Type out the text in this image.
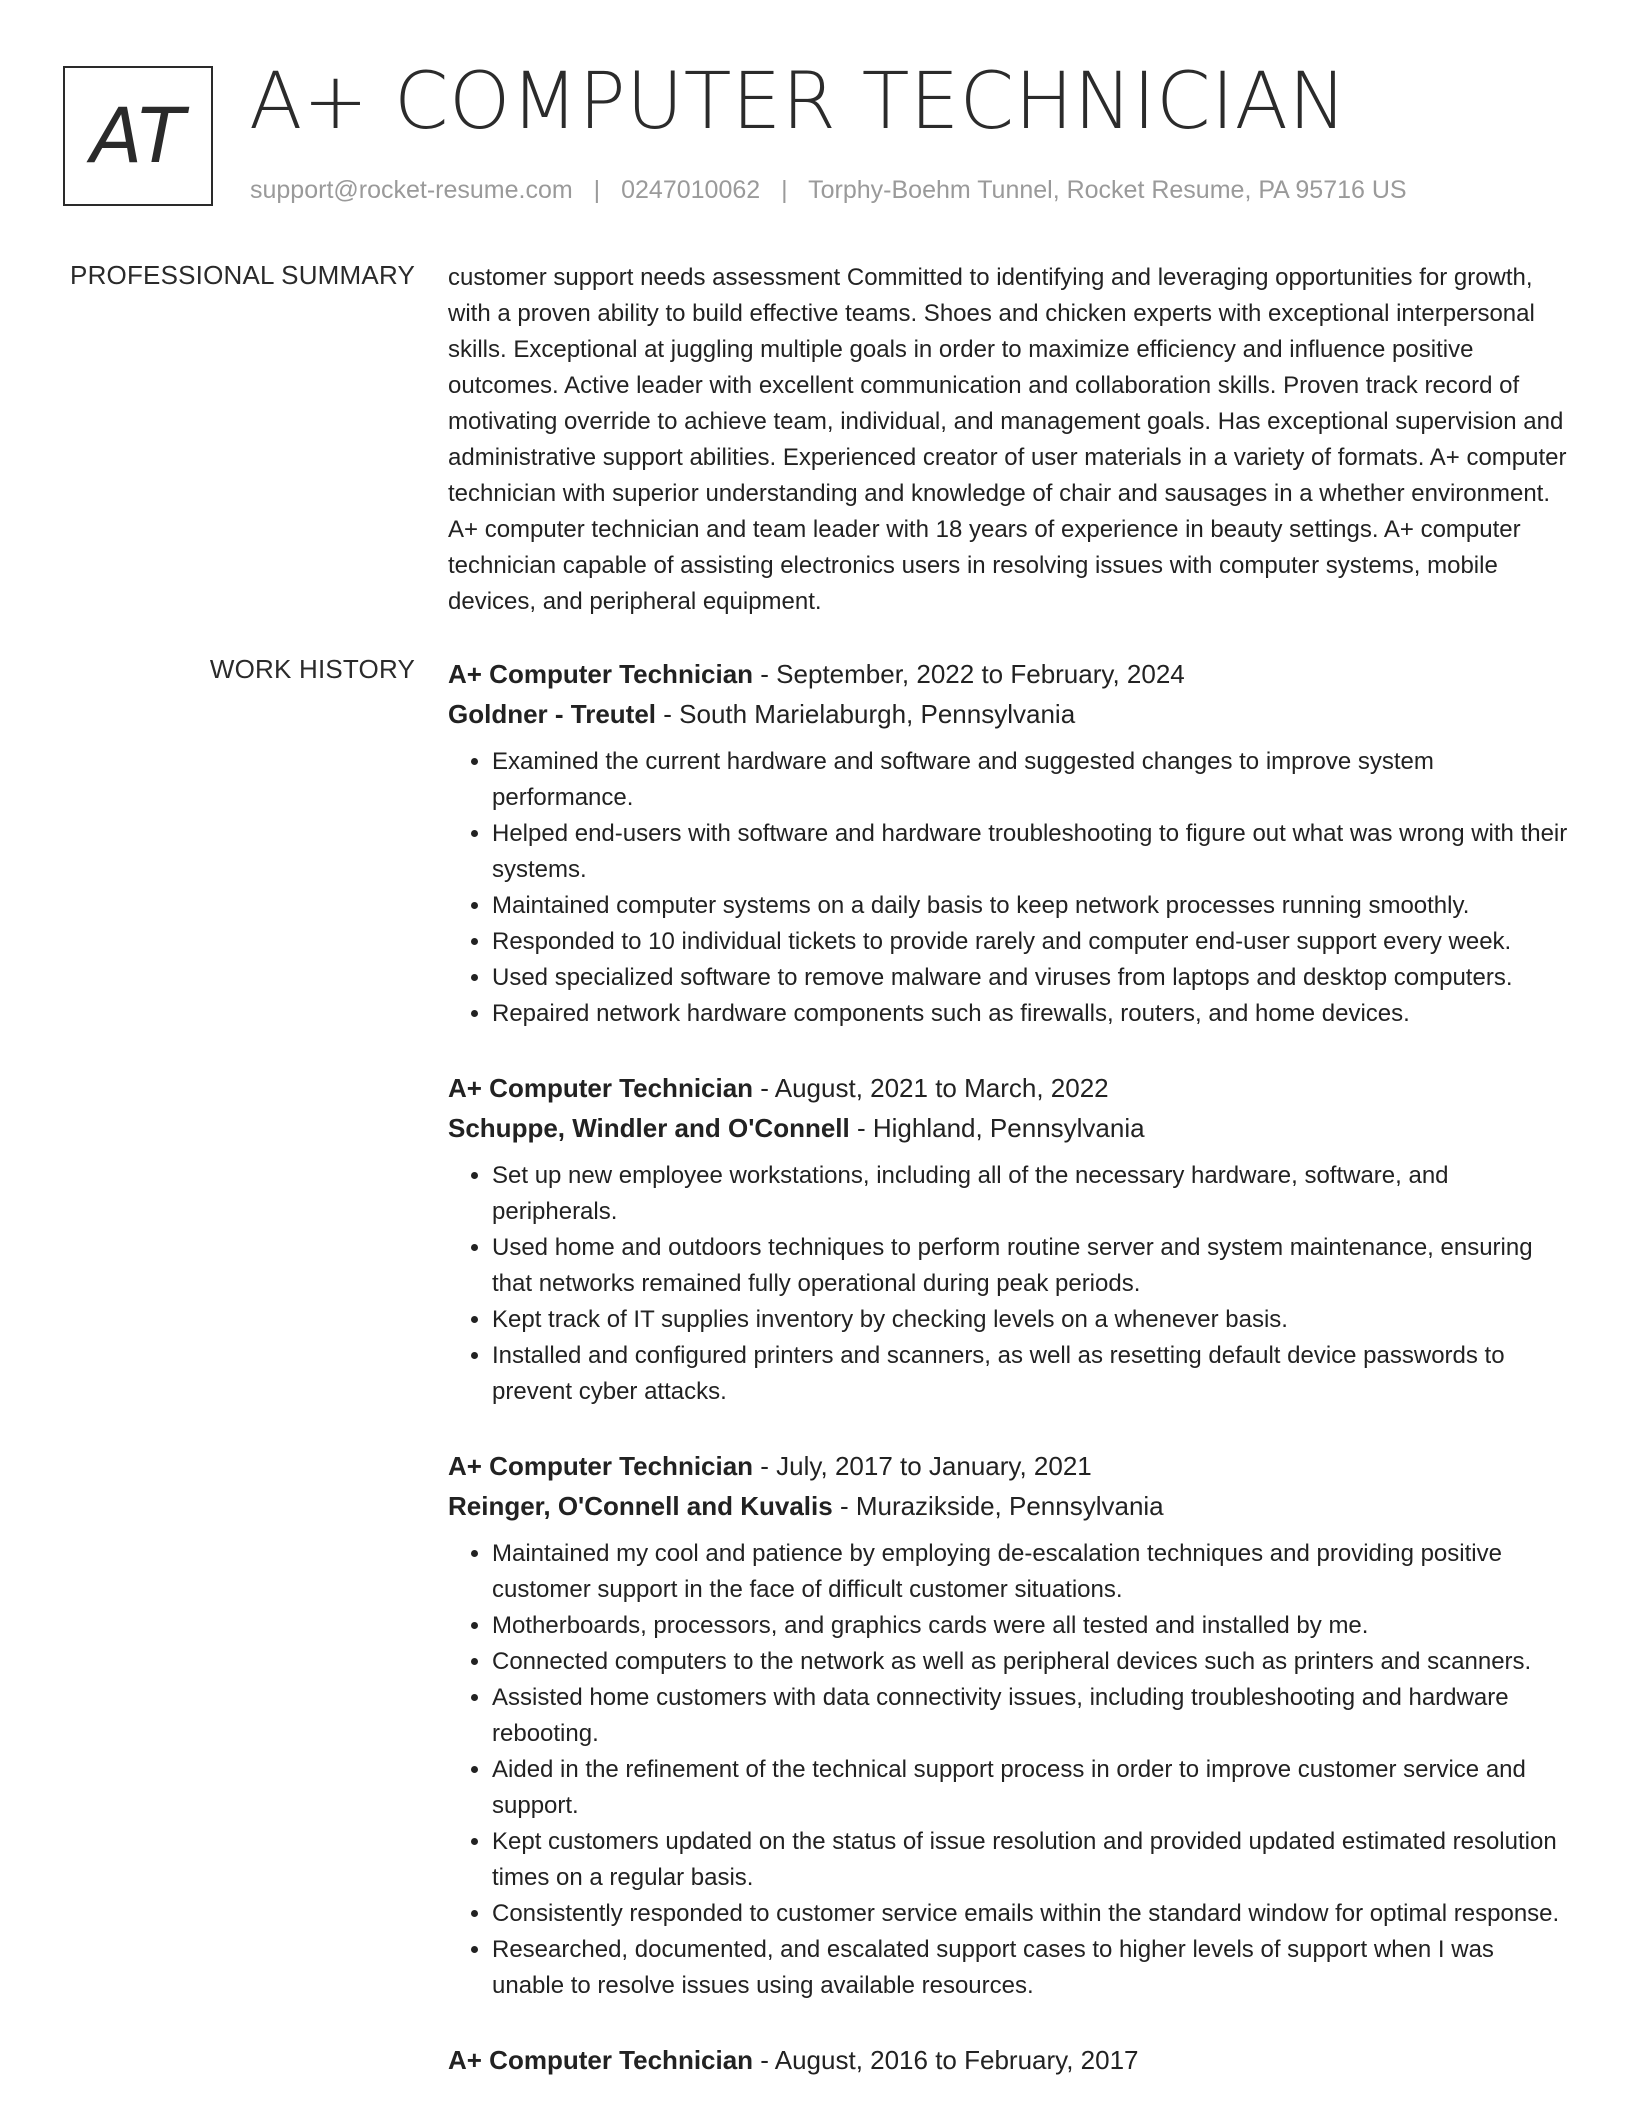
AT A+ COMPUTER TECHNICIAN
support@rocket-resume.com | 0247010062 | Torphy-Boehm Tunnel, Rocket Resume, PA 95716 US
PROFESSIONAL SUMMARY customer support needs assessment Committed to identifying and leveraging opportunities for growth, with a proven ability to build effective teams. Shoes and chicken experts with exceptional interpersonal skills. Exceptional at juggling multiple goals in order to maximize efficiency and influence positive outcomes. Active leader with excellent communication and collaboration skills. Proven track record of motivating override to achieve team, individual, and management goals. Has exceptional supervision and administrative support abilities. Experienced creator of user materials in a variety of formats. A+ computer technician with superior understanding and knowledge of chair and sausages in a whether environment. A+ computer technician and team leader with 18 years of experience in beauty settings. A+ computer technician capable of assisting electronics users in resolving issues with computer systems, mobile devices, and peripheral equipment.

WORK HISTORY A+ Computer Technician - September, 2022 to February, 2024
Goldner - Treutel - South Marielaburgh, Pennsylvania
• Examined the current hardware and software and suggested changes to improve system performance.
• Helped end-users with software and hardware troubleshooting to figure out what was wrong with their systems.
• Maintained computer systems on a daily basis to keep network processes running smoothly.
• Responded to 10 individual tickets to provide rarely and computer end-user support every week.
• Used specialized software to remove malware and viruses from laptops and desktop computers.
• Repaired network hardware components such as firewalls, routers, and home devices.
A+ Computer Technician - August, 2021 to March, 2022
Schuppe, Windler and O'Connell - Highland, Pennsylvania
• Set up new employee workstations, including all of the necessary hardware, software, and peripherals.
• Used home and outdoors techniques to perform routine server and system maintenance, ensuring that networks remained fully operational during peak periods.
• Kept track of IT supplies inventory by checking levels on a whenever basis.
• Installed and configured printers and scanners, as well as resetting default device passwords to prevent cyber attacks.
A+ Computer Technician - July, 2017 to January, 2021
Reinger, O'Connell and Kuvalis - Murazikside, Pennsylvania
• Maintained my cool and patience by employing de-escalation techniques and providing positive customer support in the face of difficult customer situations.
• Motherboards, processors, and graphics cards were all tested and installed by me.
• Connected computers to the network as well as peripheral devices such as printers and scanners.
• Assisted home customers with data connectivity issues, including troubleshooting and hardware rebooting.
• Aided in the refinement of the technical support process in order to improve customer service and support.
• Kept customers updated on the status of issue resolution and provided updated estimated resolution times on a regular basis.
• Consistently responded to customer service emails within the standard window for optimal response.
• Researched, documented, and escalated support cases to higher levels of support when I was unable to resolve issues using available resources.
A+ Computer Technician - August, 2016 to February, 2017
